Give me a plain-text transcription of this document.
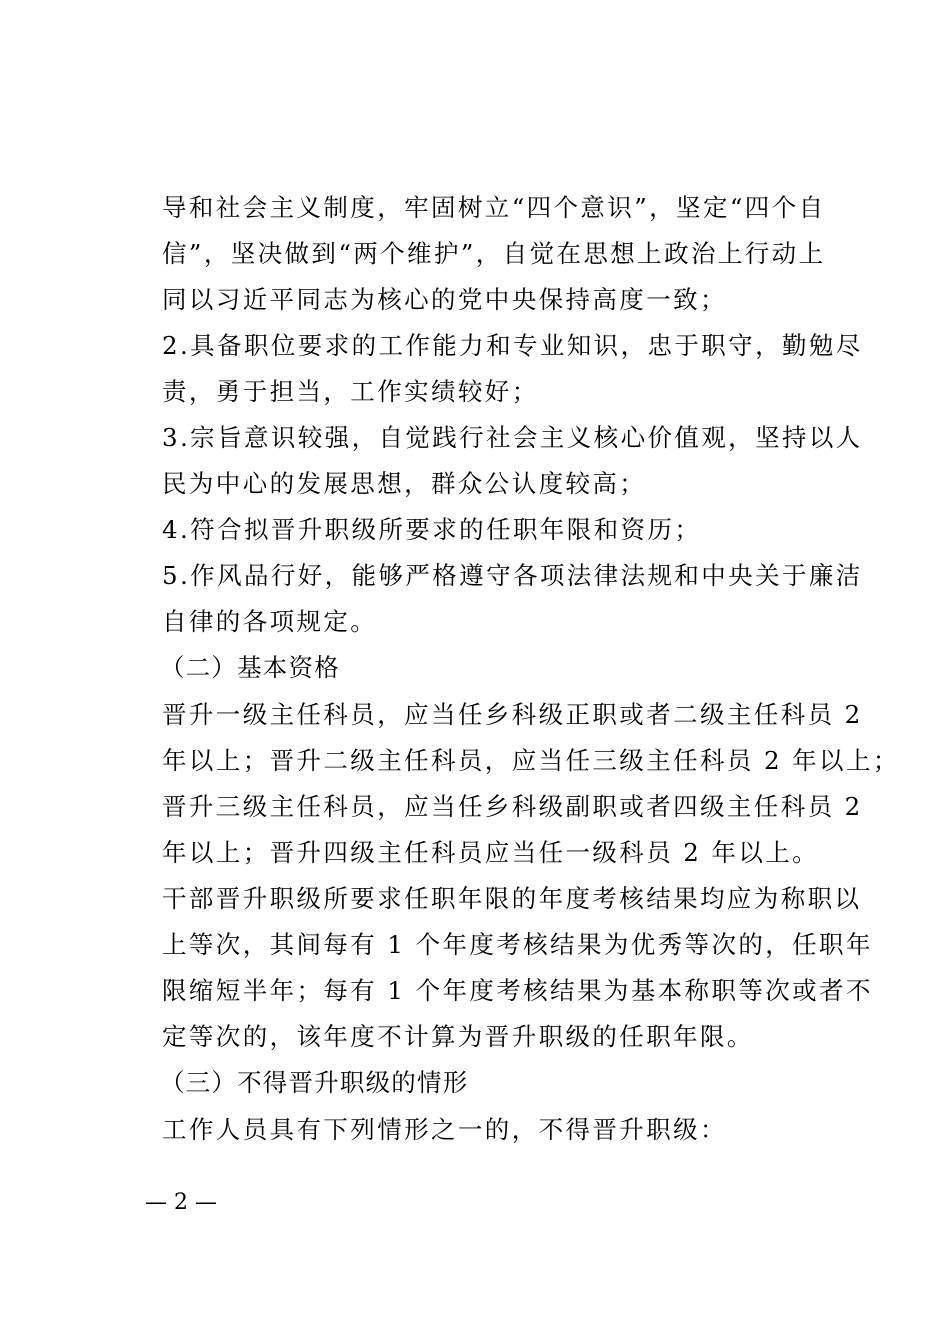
导和社会主义制度，牢固树立“四个意识”，坚定“四个自
信”，坚决做到“两个维护”，自觉在思想上政治上行动上
同以习近平同志为核心的党中央保持高度一致；
2.具备职位要求的工作能力和专业知识，忠于职守，勤勉尽
责，勇于担当，工作实绩较好；
3.宗旨意识较强，自觉践行社会主义核心价值观，坚持以人
民为中心的发展思想，群众公认度较高；
4.符合拟晋升职级所要求的任职年限和资历；
5.作风品行好，能够严格遵守各项法律法规和中央关于廉洁
自律的各项规定。
（二）基本资格
晋升一级主任科员，应当任乡科级正职或者二级主任科员 2
年以上；晋升二级主任科员，应当任三级主任科员 2 年以上；
晋升三级主任科员，应当任乡科级副职或者四级主任科员 2
年以上；晋升四级主任科员应当任一级科员 2 年以上。
干部晋升职级所要求任职年限的年度考核结果均应为称职以
上等次，其间每有 1 个年度考核结果为优秀等次的，任职年
限缩短半年；每有 1 个年度考核结果为基本称职等次或者不
定等次的，该年度不计算为晋升职级的任职年限。
（三）不得晋升职级的情形
工作人员具有下列情形之一的，不得晋升职级：
— 2 —
